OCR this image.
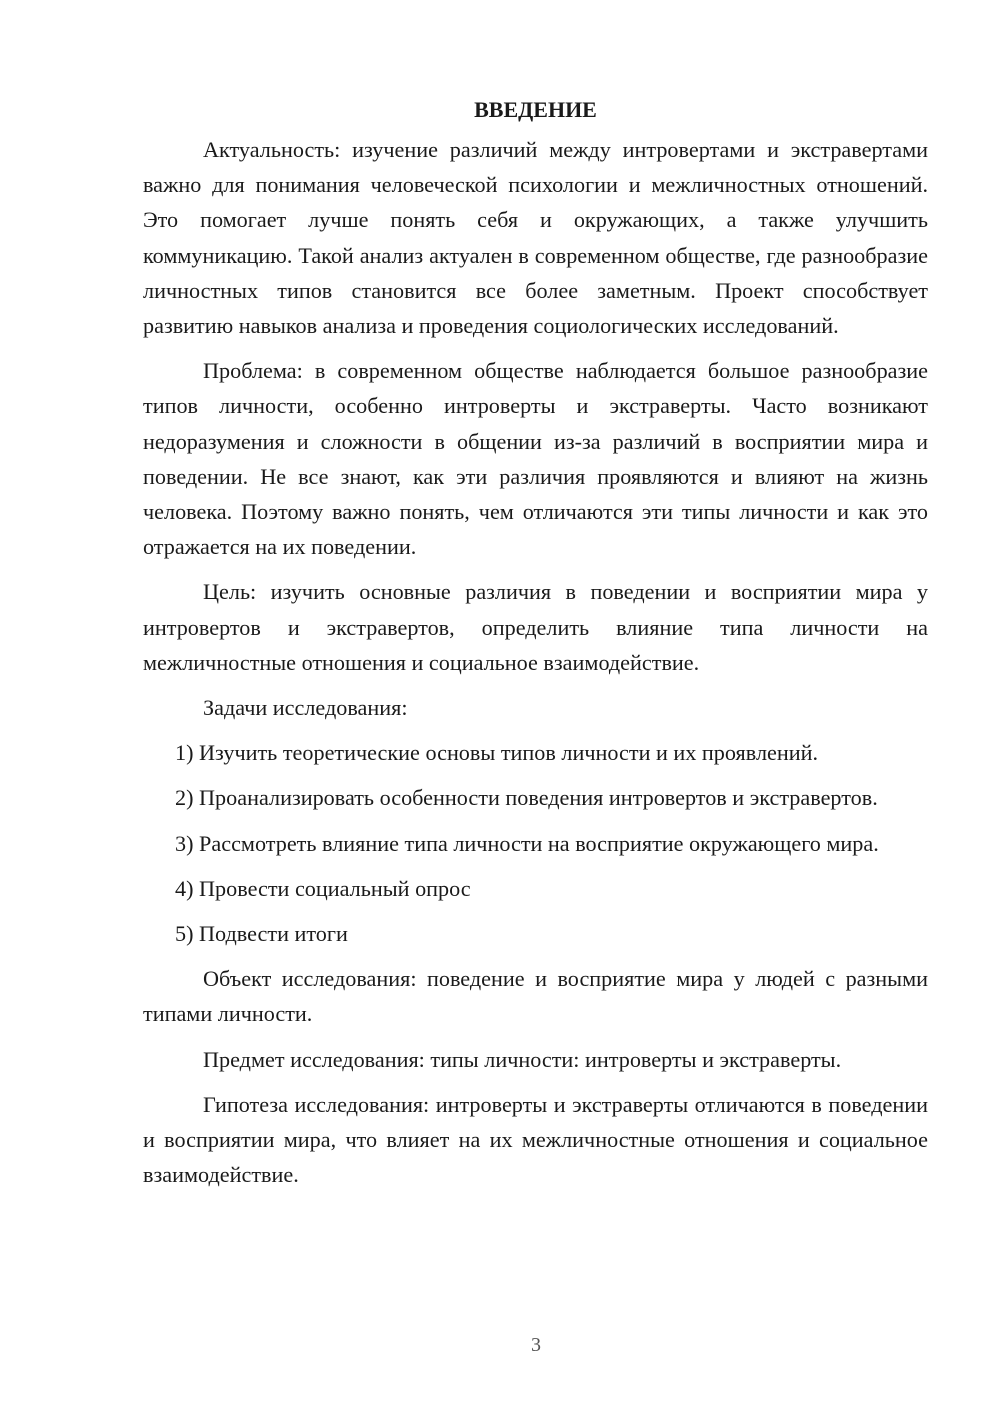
ВВЕДЕНИЕ

Актуальность: изучение различий между интровертами и экстравертами важно для понимания человеческой психологии и межличностных отношений. Это помогает лучше понять себя и окружающих, а также улучшить коммуникацию. Такой анализ актуален в современном обществе, где разнообразие личностных типов становится все более заметным. Проект способствует развитию навыков анализа и проведения социологических исследований.

Проблема: в современном обществе наблюдается большое разнообразие типов личности, особенно интроверты и экстраверты. Часто возникают недоразумения и сложности в общении из-за различий в восприятии мира и поведении. Не все знают, как эти различия проявляются и влияют на жизнь человека. Поэтому важно понять, чем отличаются эти типы личности и как это отражается на их поведении.

Цель: изучить основные различия в поведении и восприятии мира у интровертов и экстравертов, определить влияние типа личности на межличностные отношения и социальное взаимодействие.

Задачи исследования:

1) Изучить теоретические основы типов личности и их проявлений.

2) Проанализировать особенности поведения интровертов и экстравертов.

3) Рассмотреть влияние типа личности на восприятие окружающего мира.

4) Провести социальный опрос

5) Подвести итоги

Объект исследования: поведение и восприятие мира у людей с разными типами личности.

Предмет исследования: типы личности: интроверты и экстраверты.

Гипотеза исследования: интроверты и экстраверты отличаются в поведении и восприятии мира, что влияет на их межличностные отношения и социальное взаимодействие.

3
